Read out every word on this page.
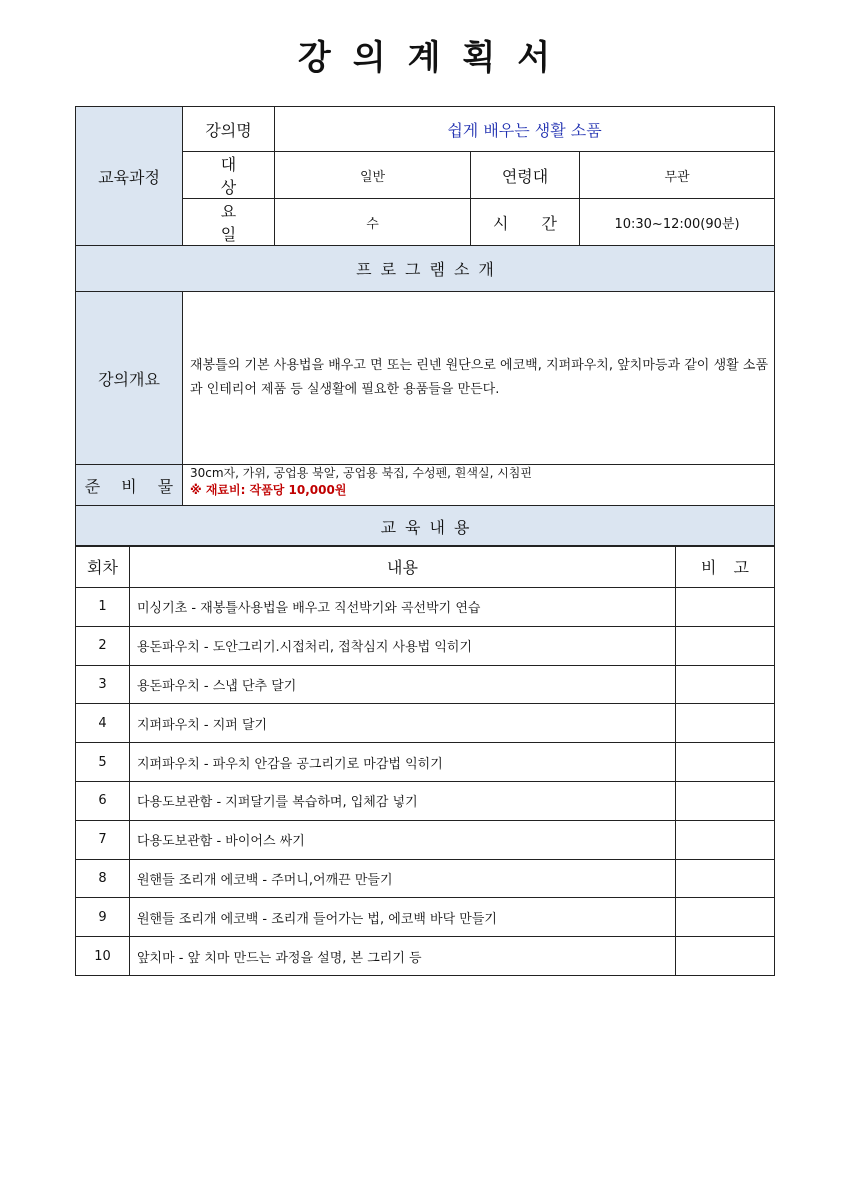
강의계획서
교육과정	강의명	쉽게 배우는 생활 소품		
	대 상	일반	연령대	무관
	요 일	수	시 간	10:30~12:00(90분)
프로그램소개				
강의개요	재봉틀의 기본 사용법을 배우고 면 또는 린넨 원단으로 에코백, 지퍼파우치, 앞치마등과 같이 생활 소품과 인테리어 제품 등 실생활에 필요한 용품들을 만든다.			
준 비 물	30cm자, 가위, 공업용 북알, 공업용 북집, 수성펜, 흰색실, 시침핀
※ 재료비: 작품당 10,000원			

교육내용				
회차	내용	비 고
1	미싱기초 - 재봉틀사용법을 배우고 직선박기와 곡선박기 연습	
2	용돈파우치 - 도안그리기.시접처리, 접착심지 사용법 익히기	
3	용돈파우치 - 스냅 단추 달기	
4	지퍼파우치 - 지퍼 달기	
5	지퍼파우치 - 파우치 안감을 공그리기로 마감법 익히기	
6	다용도보관함 - 지퍼달기를 복습하며, 입체감 넣기	
7	다용도보관함 - 바이어스 싸기	
8	원핸들 조리개 에코백 - 주머니,어깨끈 만들기	
9	원핸들 조리개 에코백 - 조리개 들어가는 법, 에코백 바닥 만들기	
10	앞치마 - 앞 치마 만드는 과정을 설명, 본 그리기 등	
